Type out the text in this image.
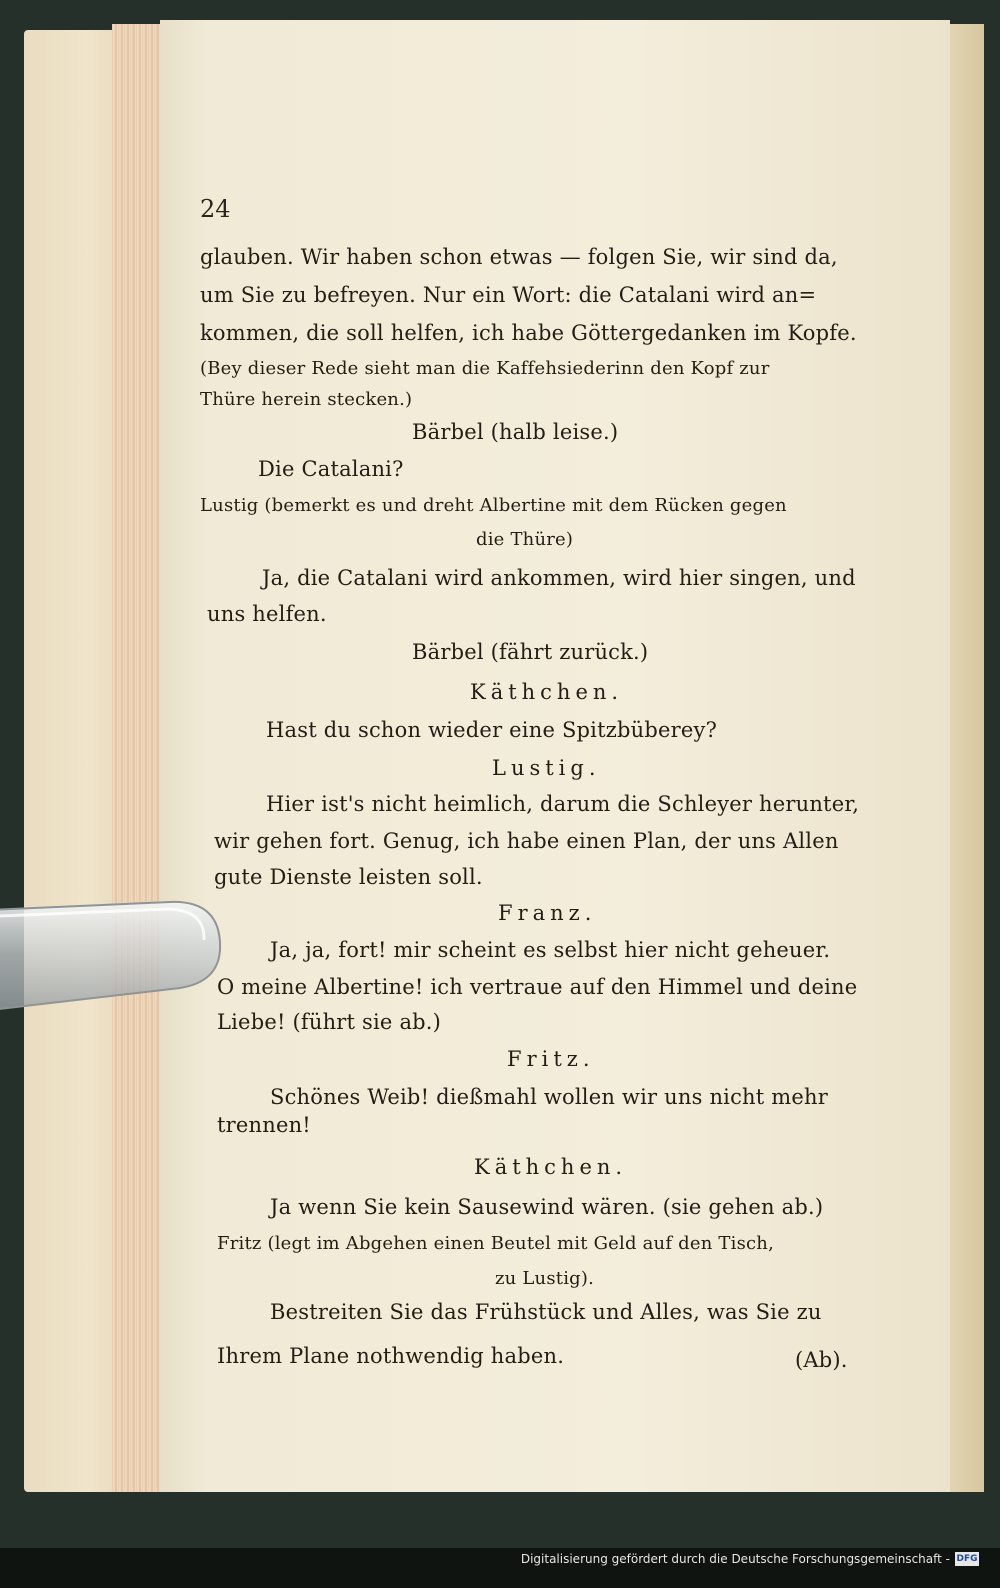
24
glauben. Wir haben schon etwas — folgen Sie, wir sind da,
um Sie zu befreyen. Nur ein Wort: die Catalani wird an=
kommen, die soll helfen, ich habe Göttergedanken im Kopfe.
(Bey dieser Rede sieht man die Kaffehsiederinn den Kopf zur
Thüre herein stecken.)
Bärbel (halb leise.)
Die Catalani?
Lustig (bemerkt es und dreht Albertine mit dem Rücken gegen
die Thüre)
Ja, die Catalani wird ankommen, wird hier singen, und
uns helfen.
Bärbel (fährt zurück.)
Käthchen.
Hast du schon wieder eine Spitzbüberey?
Lustig.
Hier ist's nicht heimlich, darum die Schleyer herunter,
wir gehen fort. Genug, ich habe einen Plan, der uns Allen
gute Dienste leisten soll.
Franz.
Ja, ja, fort! mir scheint es selbst hier nicht geheuer.
O meine Albertine! ich vertraue auf den Himmel und deine
Liebe! (führt sie ab.)
Fritz.
Schönes Weib! dießmahl wollen wir uns nicht mehr
trennen!
Käthchen.
Ja wenn Sie kein Sausewind wären. (sie gehen ab.)
Fritz (legt im Abgehen einen Beutel mit Geld auf den Tisch,
zu Lustig).
Bestreiten Sie das Frühstück und Alles, was Sie zu
Ihrem Plane nothwendig haben.	(Ab).
Digitalisierung gefördert durch die Deutsche Forschungsgemeinschaft - DFG
